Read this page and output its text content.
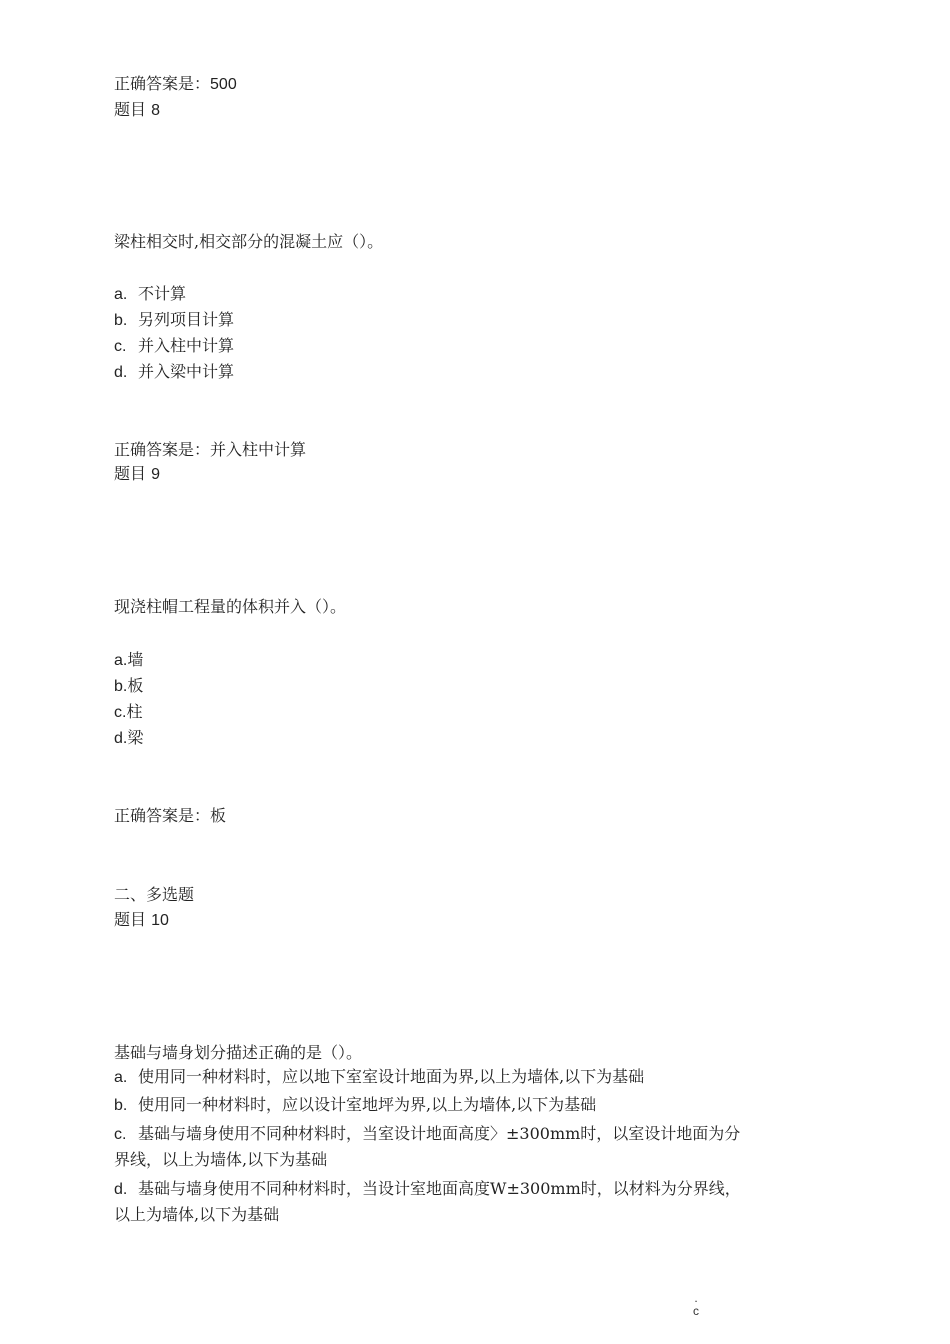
正确答案是：500
题目 8
梁柱相交时,相交部分的混凝土应（）。
a. 不计算
b. 另列项目计算
c. 并入柱中计算
d. 并入梁中计算
正确答案是：并入柱中计算
题目 9
现浇柱帽工程量的体积并入（）。
a.墙
b.板
c.柱
d.梁
正确答案是：板
二、多选题
题目 10
基础与墙身划分描述正确的是（）。
a. 使用同一种材料时，应以地下室室设计地面为界,以上为墙体,以下为基础
b. 使用同一种材料时，应以设计室地坪为界,以上为墙体,以下为基础
c. 基础与墙身使用不同种材料时，当室设计地面高度〉±300mm时，以室设计地面为分
界线，以上为墙体,以下为基础
d. 基础与墙身使用不同种材料时，当设计室地面高度W±300mm时，以材料为分界线，
以上为墙体,以下为基础
.
c
